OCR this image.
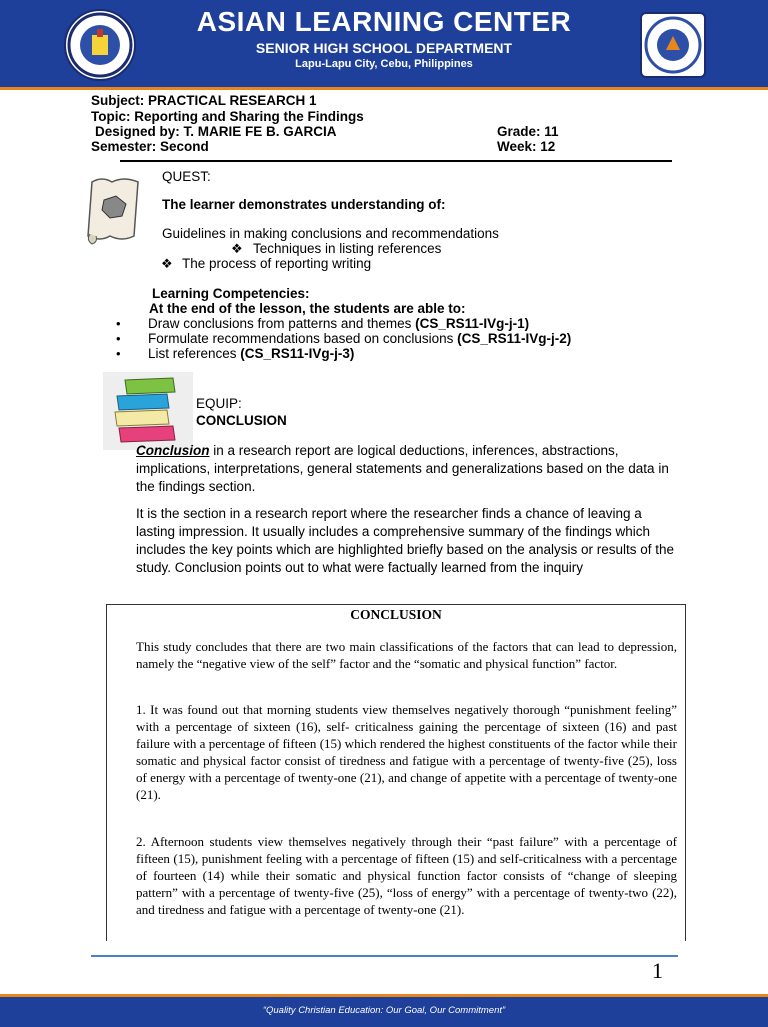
ASIAN LEARNING CENTER
SENIOR HIGH SCHOOL DEPARTMENT
Lapu-Lapu City, Cebu, Philippines
Subject: PRACTICAL RESEARCH 1
Topic: Reporting and Sharing the Findings
Designed by: T. MARIE FE B. GARCIA
Semester: Second
Grade: 11
Week: 12
QUEST:
The learner demonstrates understanding of:
Guidelines in making conclusions and recommendations
❖ Techniques in listing references
❖ The process of reporting writing
Learning Competencies:
At the end of the lesson, the students are able to:
• Draw conclusions from patterns and themes (CS_RS11-IVg-j-1)
• Formulate recommendations based on conclusions (CS_RS11-IVg-j-2)
• List references (CS_RS11-IVg-j-3)
EQUIP:
CONCLUSION
Conclusion in a research report are logical deductions, inferences, abstractions, implications, interpretations, general statements and generalizations based on the data in the findings section.
It is the section in a research report where the researcher finds a chance of leaving a lasting impression. It usually includes a comprehensive summary of the findings which includes the key points which are highlighted briefly based on the analysis or results of the study. Conclusion points out to what were factually learned from the inquiry
CONCLUSION
This study concludes that there are two main classifications of the factors that can lead to depression, namely the “negative view of the self” factor and the “somatic and physical function” factor.
1. It was found out that morning students view themselves negatively thorough “punishment feeling” with a percentage of sixteen (16), self- criticalness gaining the percentage of sixteen (16) and past failure with a percentage of fifteen (15) which rendered the highest constituents of the factor while their somatic and physical factor consist of tiredness and fatigue with a percentage of twenty-five (25), loss of energy with a percentage of twenty-one (21), and change of appetite with a percentage of twenty-one (21).
2. Afternoon students view themselves negatively through their “past failure” with a percentage of fifteen (15), punishment feeling with a percentage of fifteen (15) and self-criticalness with a percentage of fourteen (14) while their somatic and physical function factor consists of “change of sleeping pattern” with a percentage of twenty-five (25), “loss of energy” with a percentage of twenty-two (22), and tiredness and fatigue with a percentage of twenty-one (21).
1
“Quality Christian Education: Our Goal, Our Commitment”
